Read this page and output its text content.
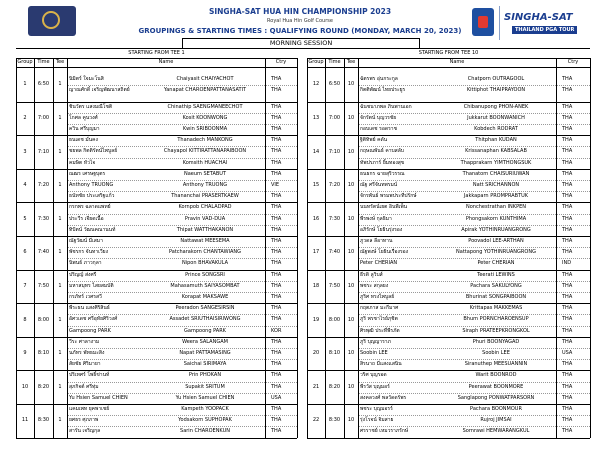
SINGHA-SAT
THAILAND PGA TOUR
SINGHA-SAT HUA HIN CHAMPIONSHIP 2023
Royal Hua Hin Golf Course
GROUPINGS & STARTING TIMES : QUALIFYING ROUND (MONDAY, MARCH 20, 2023)
MORNING SESSION
STARTING FROM TEE 1
Group Time	Tee	Name	Ctry
STARTING FROM TEE 10
Group Time	Tee	Name	Ctry
1	6:50	1
นิมิตร์ ใจมะโนสิ	Chaiyasit CHAIYACHOT	THA
ญาณศักดิ์ เจริญพัฒนาสถิตย์	Yanapat CHAROENPATTANASATIT	THA
12	6:50	10
ฉัตรพร อุ่นกระกูล	Chatporn OUTRAGOOL	THA
กิตติพัฒน์ ไทยประยูร	Kittiphot THAIPRAYOON	THA
2	7:00	1
ชินวัตร แสงมณีโชติ	Chinathip SAENGMANEECHOT	THA
โกศล คูนวงศ์	Kosit KOONWONG	THA
ควิน ศรีบุญมา	Kwin SRIBOONMA	THA
13	7:00	10
ฉันชนาภพล ภินพานเอก	Chibanupong PHON-ANEK	THA
จักรัตน์ บุญวรชัย	Jukkarut BOONWANICH	THA
กอบเดช รอดราช	Kobdech RODRAT	THA
3	7:10	1
ธนเดช มั่นคง	Thanadech MANKONG	THA
ชยพล กิตติรัตน์ไพบูลย์	Chayapol KITTIRATTANAPAIBOON	THA
คมษิต หัวไจ	Komsith HUACHAI	THA
14	7:10	10
ฐิติทิพย์ คดัน	Thitphan KUDAN	THA
กฤษณพันธ์ คาบสลับ	Krissanaphan KABSALAB	THA
ทัพปรภาร์ ยิ้มทองสุข	Thapprakarn YIMTHONGSUK	THA
4	7:20	1
ณฒร เศรษฐบุตร	Naeum SETABUT	THA
Anthony TRUONG	Anthony TRUONG	VIE
ธนัทชัย ประเสริฐแก้ว	Thananchai PRASERTKAEW	THA
15	7:20	10
ธนธกร ฉายสุริวรรณ	Thanatorn CHAISURIUWAN	THA
ณัฐ ศรีจันทพรมน์	Natt SRICHANNON	THA
จักรพันธ์ พรมพประทีปรักษ์	Jakkaparn PROMPRABTUK	THA
5	7:30	1
กรกพร ฉลาดแพทย์	Kornpob CHALADPAD	THA
ประวีร เจียดเนื้อ	Pravin VAD-DUA	THA
ทิปัตน์ วัฒนคณานนท์	Thipat WATTHAKANON	THA
16	7:30	10
นนทรัตน์เยต อินพีเพ็น	Nonchestrathan INKPEN	THA
พีรพงษ์ กุลธิมา	Phongsakorn KUNTHIMA	THA
อภิรักษ์ โยธินรุ่งรอง	Apirak YOTHINRUANGRONG	THA
6	7:40	1
ณัฐวัฒน์ มีเสมา	Nattawat MEESEMA	THA
พัชรกร จันทาเวียง	Patcharakorn CHANTAWIANG	THA
นิพนธ์ ภาวกุลา	Nipon BHAVAKULA	THA
17	7:40	10
ภูวดล ลีอาทาน	Poovadol LEE-ARTHAN	THA
ณัฐพงษ์ โยธินเรืองรอง	Nattapong YOTHINRUANGRONG	THA
Peter CHERIAN	Peter CHERIAN	IND
7	7:50	1
ปริญญ์ ส่งศรี	Prince SONGSRI	THA
มหาสมุทร ไสยสมบัติ	Mahasamuth SAIYASOMBAT	THA
กรภัทร์ เวศรสวี	Korapat MAKSAWE	THA
18	7:50	10
ธีรดิ ลูวิบส์	Teerati LEWINS	THA
พชระ สกุลยง	Pachara SAKULYONG	THA
ภูริศ ทรงไพบูลย์	Bhurinat SONGPAIBOON	THA
8	8:00	1
พีระธน แสงศิริสินธ์	Peeradon SANGESIRSIN	THA
อัศวเดช ศรีอุทัยศิริวงศ์	Assadet SRIUTHAISIRIWONG	THA
Gampoong PARK	Gampoong PARK	KOR
19	8:00	10
กฤตภาส มะกีมาศ	Krittapas MAKKEMAS	THA
ภูริ พรชาไรย์ภุชิต	Bhum PORNCHAROENSUP	THA
ศิรพุฒิ ประที่พีรภัต	Siraph PRATEEPKRONGKOL	THA
9	8:10	1
วีระ ศาลางาม	Weera SALANGAM	THA
นภัทร พัทธมะสิง	Napat PATTAMASING	THA
สัยชัย ศิริมายา	Saichai SIRIMAYA	THA
20	8:10	10
ภูริ บุญญาราภ	Phuri BOONYAGAD	THA
Soobin LEE	Soobin LEE	USA
สิรนาถ มีแสงแสนิน	Siranuthep MEESUANNIN	THA
10	8:20	1
ปริเทศร์ โพธิ์ข่านท์	Prin PHOKAN	THA
สุภกิจต์ ศรีทุ่ม	Supakit SRITUM	THA
Yu Hsien Samuel CHIEN	Yu Hsien Samuel CHIEN	USA
21	8:20	10
วริศ บุญรอด	Warit BOONROD	THA
พีรวัส บุญมอร์	Peerawat BOONMORE	THA
สงคลวงศ์ พลวัดดรัพร	Sanglapong PONWATPARSORN	THA
11	8:30	1
แคมเพท ยุคพาเชย์	Kampeth YOOPACK	THA
ยศธร ศุภภาพ	Yodsakorn SUPHOPAK	THA
สารัน เจริญกุล	Sarin CHAROENKUN	THA
22	8:30	10
พชระ บุญมอรร์	Pachara BOONMOUR	THA
รุ่งโรจน์ จิมสาย	Rujroj JIMSAI	THA
ศรราชย์ เหมวราภรักษ์	Sornrawi HEMWARANGKUL	THA
